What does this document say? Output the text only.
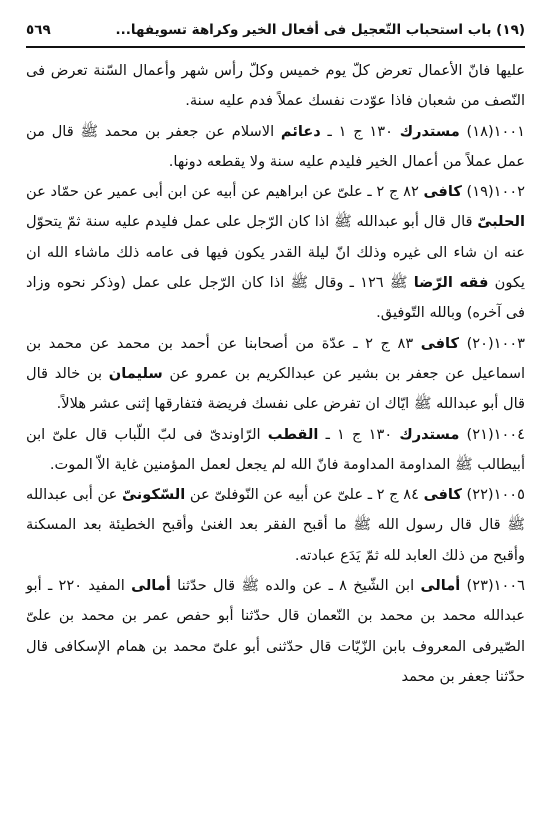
(١٩) باب استحباب التّعجيل فى أفعال الخير وكراهة تسويفها...
٥٦٩

عليها فانّ الأعمال تعرض كلّ يوم خميس وكلّ رأس شهر وأعمال السّنة تعرض فى النّصف من شعبان فاذا عوّدت نفسك عملاً فدم عليه سنة.

١٠٠١(١٨) مستدرك ١٣٠ ج ١ ـ دعائم الاسلام عن جعفر بن محمد ﷺ قال من عمل عملاً من أعمال الخير فليدم عليه سنة ولا يقطعه دونها.

١٠٠٢(١٩) كافى ٨٢ ج ٢ ـ علىّ عن ابراهيم عن أبيه عن ابن أبى عمير عن حمّاد عن الحلبىّ قال قال أبو عبدالله ﷺ اذا كان الرّجل على عمل فليدم عليه سنة ثمّ يتحوّل عنه ان شاء الى غيره وذلك انّ ليلة القدر يكون فيها فى عامه ذلك ماشاء الله ان يكون فقه الرّضا ﷺ ١٢٦ ـ وقال ﷺ اذا كان الرّجل على عمل (وذكر نحوه وزاد فى آخره) وبالله التّوفيق.

١٠٠٣(٢٠) كافى ٨٣ ج ٢ ـ عدّة من أصحابنا عن أحمد بن محمد عن محمد بن اسماعيل عن جعفر بن بشير عن عبدالكريم بن عمرو عن سليمان بن خالد قال قال أبو عبدالله ﷺ ايّاك ان تفرض على نفسك فريضة فتفارقها إثنى عشر هلالاً.

١٠٠٤(٢١) مستدرك ١٣٠ ج ١ ـ القطب الرّاوندىّ فى لبّ اللّباب قال علىّ ابن أبيطالب ﷺ المداومة المداومة فانّ الله لم يجعل لعمل المؤمنين غاية الاّ الموت.

١٠٠٥(٢٢) كافى ٨٤ ج ٢ ـ علىّ عن أبيه عن النّوفلىّ عن السّكونىّ عن أبى عبدالله ﷺ قال قال رسول الله ﷺ ما أقبح الفقر بعد الغنىٰ وأقبح الخطيئة بعد المسكنة وأقبح من ذلك العابد لله ثمّ يَدَع عبادته.

١٠٠٦(٢٣) أمالى ابن الشّيخ ٨ ـ عن والده ﷺ قال حدّثنا أمالى المفيد ٢٢٠ ـ أبو عبدالله محمد بن محمد بن النّعمان قال حدّثنا أبو حفص عمر بن محمد بن علىّ الصّيرفى المعروف بابن الزّيّات قال حدّثنى أبو علىّ محمد بن همام الإسكافى قال حدّثنا جعفر بن محمد
